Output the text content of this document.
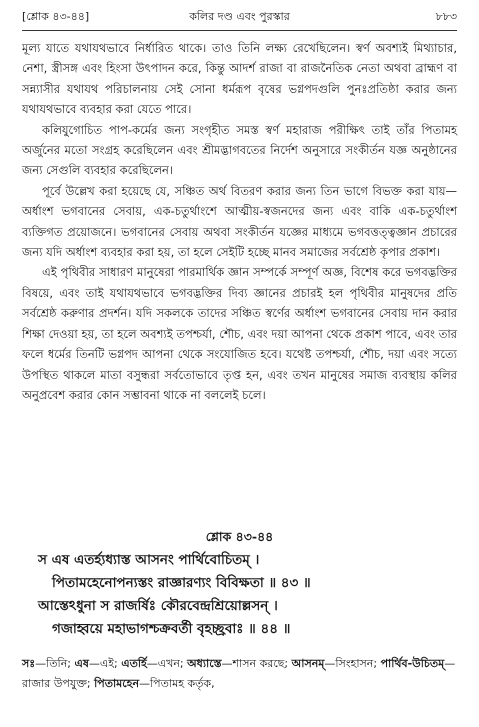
[শ্লোক ৪৩-৪৪]	কলির দণ্ড এবং পুরস্কার	৮৮৩

মূল্য যাতে যথাযথভাবে নির্ধারিত থাকে। তাও তিনি লক্ষ্য রেখেছিলেন। স্বর্ণ অবশ্যই মিথ্যাচার, নেশা, স্ত্রীসঙ্গ এবং হিংসা উৎপাদন করে, কিন্তু আদর্শ রাজা বা রাজনৈতিক নেতা অথবা ব্রাহ্মণ বা সন্ন্যাসীর যথাযথ পরিচালনায় সেই সোনা ধর্মরূপ বৃষের ভগ্নপদগুলি পুনঃপ্রতিষ্ঠা করার জন্য যথাযথভাবে ব্যবহার করা যেতে পারে।

কলিযুগোচিত পাপ-কর্মের জন্য সংগৃহীত সমস্ত স্বর্ণ মহারাজ পরীক্ষিৎ তাই তাঁর পিতামহ অর্জুনের মতো সংগ্রহ করেছিলেন এবং শ্রীমদ্ভাগবতের নির্দেশ অনুসারে সংকীর্তন যজ্ঞ অনুষ্ঠানের জন্য সেগুলি ব্যবহার করেছিলেন।

পূর্বে উল্লেখ করা হয়েছে যে, সঞ্চিত অর্থ বিতরণ করার জন্য তিন ভাগে বিভক্ত করা যায়—অর্ধাংশ ভগবানের সেবায়, এক-চতুর্থাংশে আত্মীয়-স্বজনদের জন্য এবং বাকি এক-চতুর্থাংশ ব্যক্তিগত প্রয়োজনে। ভগবানের সেবায় অথবা সংকীর্তন যজ্ঞের মাধ্যমে ভগবত্তত্ত্বজ্ঞান প্রচারের জন্য যদি অর্ধাংশ ব্যবহার করা হয়, তা হলে সেইটি হচ্ছে মানব সমাজের সর্বশ্রেষ্ঠ কৃপার প্রকাশ।

এই পৃথিবীর সাধারণ মানুষেরা পারমার্থিক জ্ঞান সম্পর্কে সম্পূর্ণ অজ্ঞ, বিশেষ করে ভগবদ্ভক্তির বিষয়ে, এবং তাই যথাযথভাবে ভগবদ্ভক্তির দিব্য জ্ঞানের প্রচারই হল পৃথিবীর মানুষদের প্রতি সর্বশ্রেষ্ঠ করুণার প্রদর্শন। যদি সকলকে তাদের সঞ্চিত স্বর্ণের অর্ধাংশ ভগবানের সেবায় দান করার শিক্ষা দেওয়া হয়, তা হলে অবশ্যই তপশ্চর্যা, শৌচ, এবং দয়া আপনা থেকে প্রকাশ পাবে, এবং তার ফলে ধর্মের তিনটি ভগ্নপদ আপনা থেকে সংযোজিত হবে। যথেষ্ট তপশ্চর্যা, শৌচ, দয়া এবং সত্যে উপস্থিত থাকলে মাতা বসুন্ধরা সর্বতোভাবে তৃপ্ত হন, এবং তখন মানুষের সমাজ ব্যবস্থায় কলির অনুপ্রবেশ করার কোন সম্ভাবনা থাকে না বললেই চলে।

শ্লোক ৪৩-৪৪
স এষ এতর্হ্যধ্যাস্ত আসনং পার্থিবোচিতম্ ।
পিতামহেনোপন্যস্তং রাজ্ঞারণ্যং বিবিক্ষতা ॥ ৪৩ ॥
আস্তেঽধুনা স রাজর্ষিঃ কৌরবেন্দ্রশ্রিয়োল্লসন্ ।
গজাহ্বয়ে মহাভাগশ্চক্রবর্তী বৃহচ্ছ্রবাঃ ॥ ৪৪ ॥
সঃ—তিনি; এষ—এই; এতর্হি—এখন; অধ্যাস্তে—শাসন করছে; আসনম্—সিংহাসন; পার্থিব-উচিতম্—রাজার উপযুক্ত; পিতামহেন—পিতামহ কর্তৃক,
